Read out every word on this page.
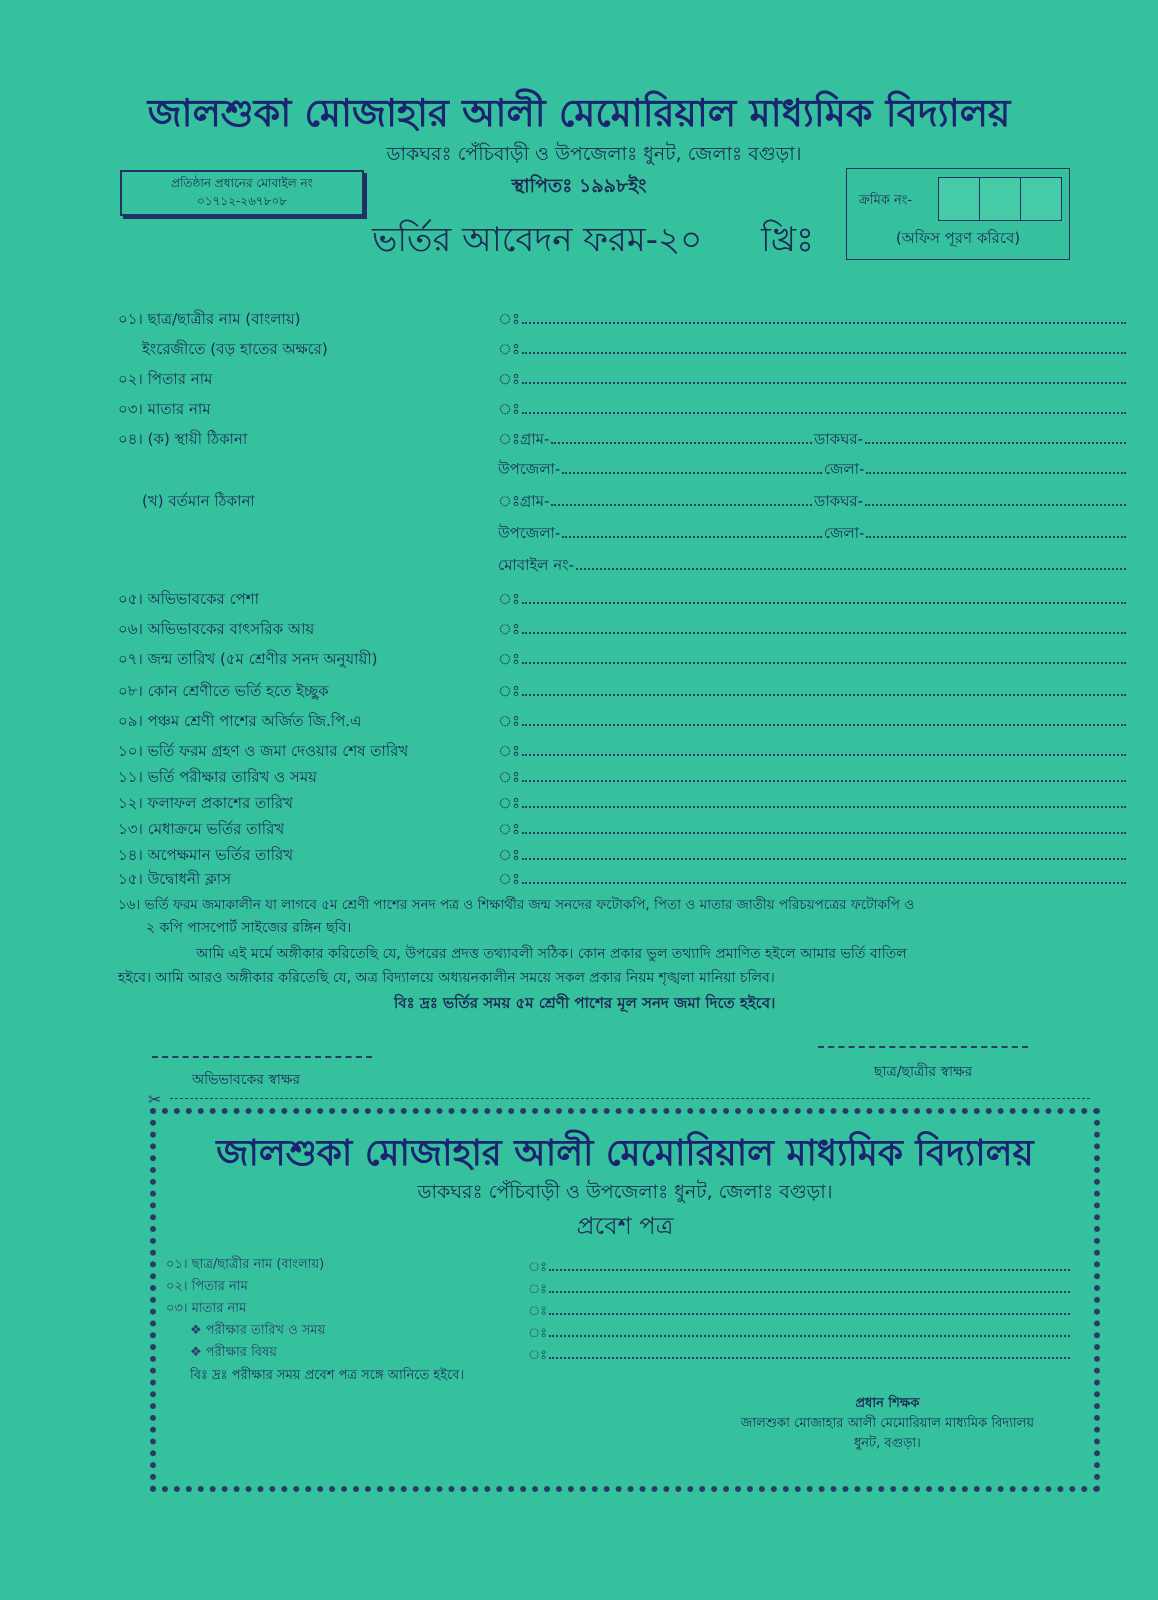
জালশুকা মোজাহার আলী মেমোরিয়াল মাধ্যমিক বিদ্যালয়
ডাকঘরঃ পেঁচিবাড়ী ও উপজেলাঃ ধুনট, জেলাঃ বগুড়া।
স্থাপিতঃ ১৯৯৮ইং
প্রতিষ্ঠান প্রধানের মোবাইল নং
০১৭১২-২৬৭৮০৮
ভর্তির আবেদন ফরম-২০ খ্রিঃ
ক্রমিক নং-
(অফিস পূরণ করিবে)
০১। ছাত্র/ছাত্রীর নাম (বাংলায়)	ঃ
ইংরেজীতে (বড় হাতের অক্ষরে)	ঃ
০২। পিতার নাম	ঃ
০৩। মাতার নাম	ঃ
০৪। (ক) স্থায়ী ঠিকানা	ঃ গ্রাম-	ডাকঘর-
উপজেলা-	জেলা-
(খ) বর্তমান ঠিকানা	ঃ গ্রাম-	ডাকঘর-
উপজেলা-	জেলা-
মোবাইল নং-
০৫। অভিভাবকের পেশা	ঃ
০৬। অভিভাবকের বাৎসরিক আয়	ঃ
০৭। জন্ম তারিখ (৫ম শ্রেণীর সনদ অনুযায়ী)	ঃ
০৮। কোন শ্রেণীতে ভর্তি হতে ইচ্ছুক	ঃ
০৯। পঞ্চম শ্রেণী পাশের অর্জিত জি.পি.এ	ঃ
১০। ভর্তি ফরম গ্রহণ ও জমা দেওয়ার শেষ তারিখ	ঃ
১১। ভর্তি পরীক্ষার তারিখ ও সময়	ঃ
১২। ফলাফল প্রকাশের তারিখ	ঃ
১৩। মেধাক্রমে ভর্তির তারিখ	ঃ
১৪। অপেক্ষমান ভর্তির তারিখ	ঃ
১৫। উদ্বোধনী ক্লাস	ঃ
১৬। ভর্তি ফরম জমাকালীন যা লাগবে ৫ম শ্রেণী পাশের সনদ পত্র ও শিক্ষার্থীর জন্ম সনদের ফটোকপি, পিতা ও মাতার জাতীয় পরিচয়পত্রের ফটোকপি ও
২ কপি পাসপোর্ট সাইজের রঙ্গিন ছবি।
আমি এই মর্মে অঙ্গীকার করিতেছি যে, উপরের প্রদত্ত তথ্যাবলী সঠিক। কোন প্রকার ভুল তথ্যাদি প্রমাণিত হইলে আমার ভর্তি বাতিল
হইবে। আমি আরও অঙ্গীকার করিতেছি যে, অত্র বিদ্যালয়ে অধ্যয়নকালীন সময়ে সকল প্রকার নিয়ম শৃঙ্খলা মানিয়া চলিব।
বিঃ দ্রঃ ভর্তির সময় ৫ম শ্রেণী পাশের মূল সনদ জমা দিতে হইবে।
অভিভাবকের স্বাক্ষর	ছাত্র/ছাত্রীর স্বাক্ষর
✂
জালশুকা মোজাহার আলী মেমোরিয়াল মাধ্যমিক বিদ্যালয়
ডাকঘরঃ পেঁচিবাড়ী ও উপজেলাঃ ধুনট, জেলাঃ বগুড়া।
প্রবেশ পত্র
০১। ছাত্র/ছাত্রীর নাম (বাংলায়)	ঃ
০২। পিতার নাম	ঃ
০৩। মাতার নাম	ঃ
❖ পরীক্ষার তারিখ ও সময়	ঃ
❖ পরীক্ষার বিষয়	ঃ
বিঃ দ্রঃ পরীক্ষার সময় প্রবেশ পত্র সঙ্গে আনিতে হইবে।
প্রধান শিক্ষক
জালশুকা মোজাহার আলী মেমোরিয়াল মাধ্যমিক বিদ্যালয়
ধুনট, বগুড়া।
